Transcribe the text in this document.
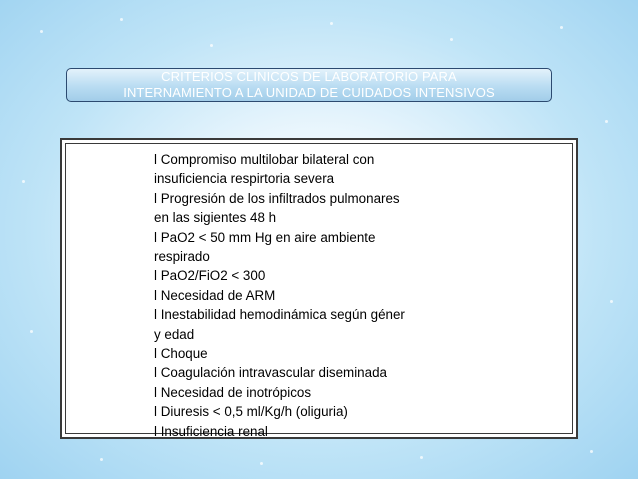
CRITERIOS CLINICOS DE LABORATORIO PARA
INTERNAMIENTO A LA UNIDAD DE CUIDADOS INTENSIVOS
l Compromiso multilobar bilateral con
insuficiencia respirtoria severa
l Progresión de los infiltrados pulmonares
en las sigientes 48 h
l PaO2 < 50 mm Hg en aire ambiente
respirado
l PaO2/FiO2 < 300
l Necesidad de ARM
l Inestabilidad hemodinámica según géner
y edad
l Choque
l Coagulación intravascular diseminada
l Necesidad de inotrópicos
l Diuresis < 0,5 ml/Kg/h (oliguria)
l Insuficiencia renal
